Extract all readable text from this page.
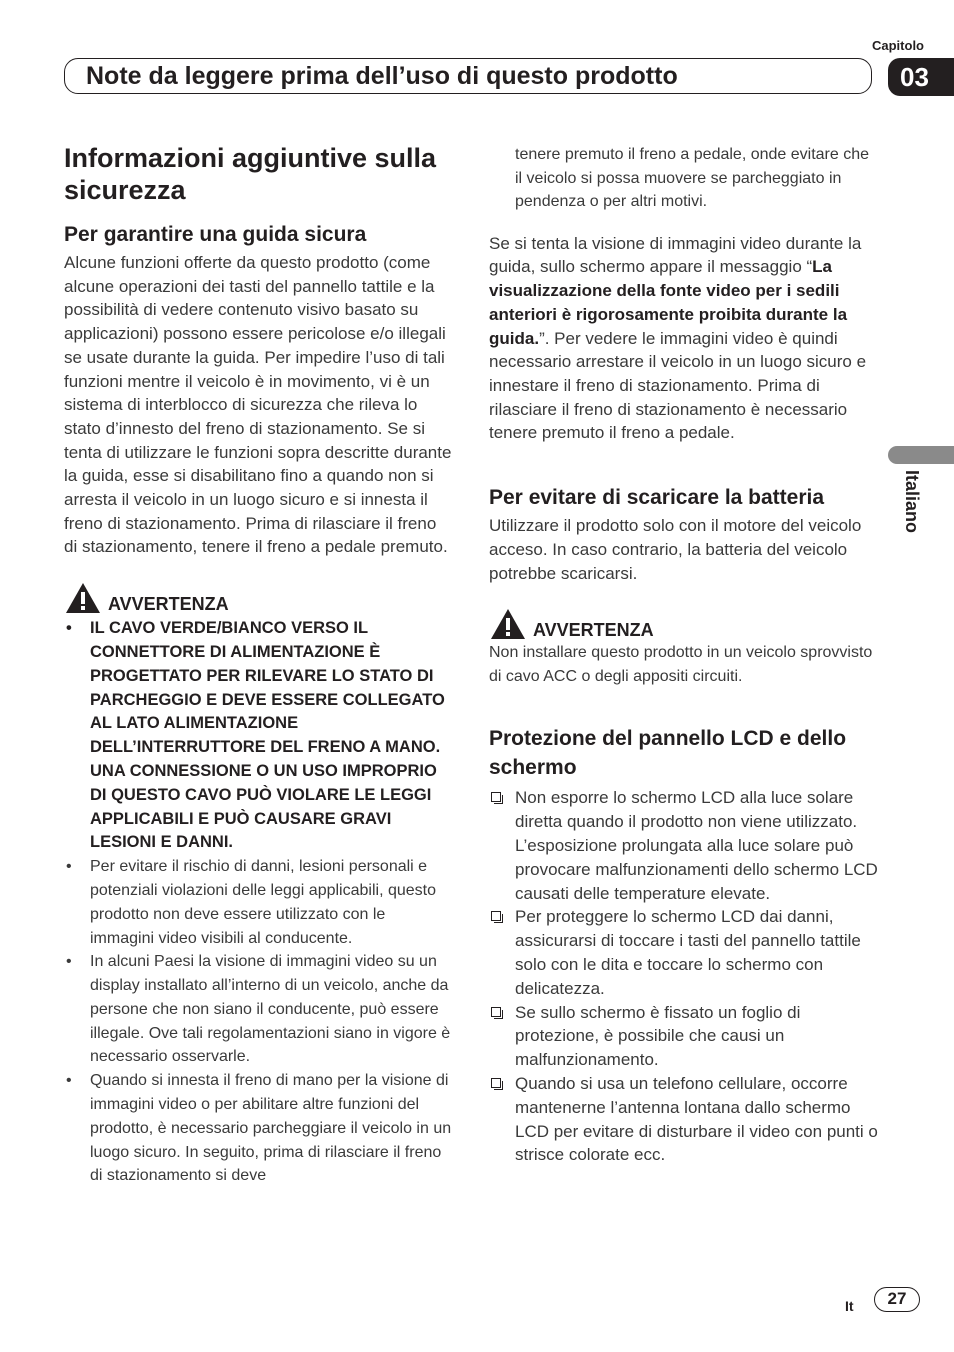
Capitolo
Note da leggere prima dell’uso di questo prodotto	03
Italiano
Informazioni aggiuntive sulla sicurezza
Per garantire una guida sicura

Alcune funzioni offerte da questo prodotto (come alcune operazioni dei tasti del pannello tattile e la possibilità di vedere contenuto visivo basato su applicazioni) possono essere pericolose e/o illegali se usate durante la guida. Per impedire l’uso di tali funzioni mentre il veicolo è in movimento, vi è un sistema di interblocco di sicurezza che rileva lo stato d’innesto del freno di stazionamento. Se si tenta di utilizzare le funzioni sopra descritte durante la guida, esse si disabilitano fino a quando non si arresta il veicolo in un luogo sicuro e si innesta il freno di stazionamento. Prima di rilasciare il freno di stazionamento, tenere il freno a pedale premuto.

AVVERTENZA
• IL CAVO VERDE/BIANCO VERSO IL CONNETTORE DI ALIMENTAZIONE È PROGETTATO PER RILEVARE LO STATO DI PARCHEGGIO E DEVE ESSERE COLLEGATO AL LATO ALIMENTAZIONE DELL’INTERRUTTORE DEL FRENO A MANO. UNA CONNESSIONE O UN USO IMPROPRIO DI QUESTO CAVO PUÒ VIOLARE LE LEGGI APPLICABILI E PUÒ CAUSARE GRAVI LESIONI E DANNI.
• Per evitare il rischio di danni, lesioni personali e potenziali violazioni delle leggi applicabili, questo prodotto non deve essere utilizzato con le immagini video visibili al conducente.
• In alcuni Paesi la visione di immagini video su un display installato all’interno di un veicolo, anche da persone che non siano il conducente, può essere illegale. Ove tali regolamentazioni siano in vigore è necessario osservarle.
• Quando si innesta il freno di mano per la visione di immagini video o per abilitare altre funzioni del prodotto, è necessario parcheggiare il veicolo in un luogo sicuro. In seguito, prima di rilasciare il freno di stazionamento si deve

tenere premuto il freno a pedale, onde evitare che il veicolo si possa muovere se parcheggiato in pendenza o per altri motivi.

Se si tenta la visione di immagini video durante la guida, sullo schermo appare il messaggio “La visualizzazione della fonte video per i sedili anteriori è rigorosamente proibita durante la guida.”. Per vedere le immagini video è quindi necessario arrestare il veicolo in un luogo sicuro e innestare il freno di stazionamento. Prima di rilasciare il freno di stazionamento è necessario tenere premuto il freno a pedale.

Per evitare di scaricare la batteria

Utilizzare il prodotto solo con il motore del veicolo acceso. In caso contrario, la batteria del veicolo potrebbe scaricarsi.

AVVERTENZA

Non installare questo prodotto in un veicolo sprovvisto di cavo ACC o degli appositi circuiti.

Protezione del pannello LCD e dello schermo
Non esporre lo schermo LCD alla luce solare diretta quando il prodotto non viene utilizzato. L’esposizione prolungata alla luce solare può provocare malfunzionamenti dello schermo LCD causati delle temperature elevate.
Per proteggere lo schermo LCD dai danni, assicurarsi di toccare i tasti del pannello tattile solo con le dita e toccare lo schermo con delicatezza.
Se sullo schermo è fissato un foglio di protezione, è possibile che causi un malfunzionamento.
Quando si usa un telefono cellulare, occorre mantenerne l’antenna lontana dallo schermo LCD per evitare di disturbare il video con punti o strisce colorate ecc.
It	27
